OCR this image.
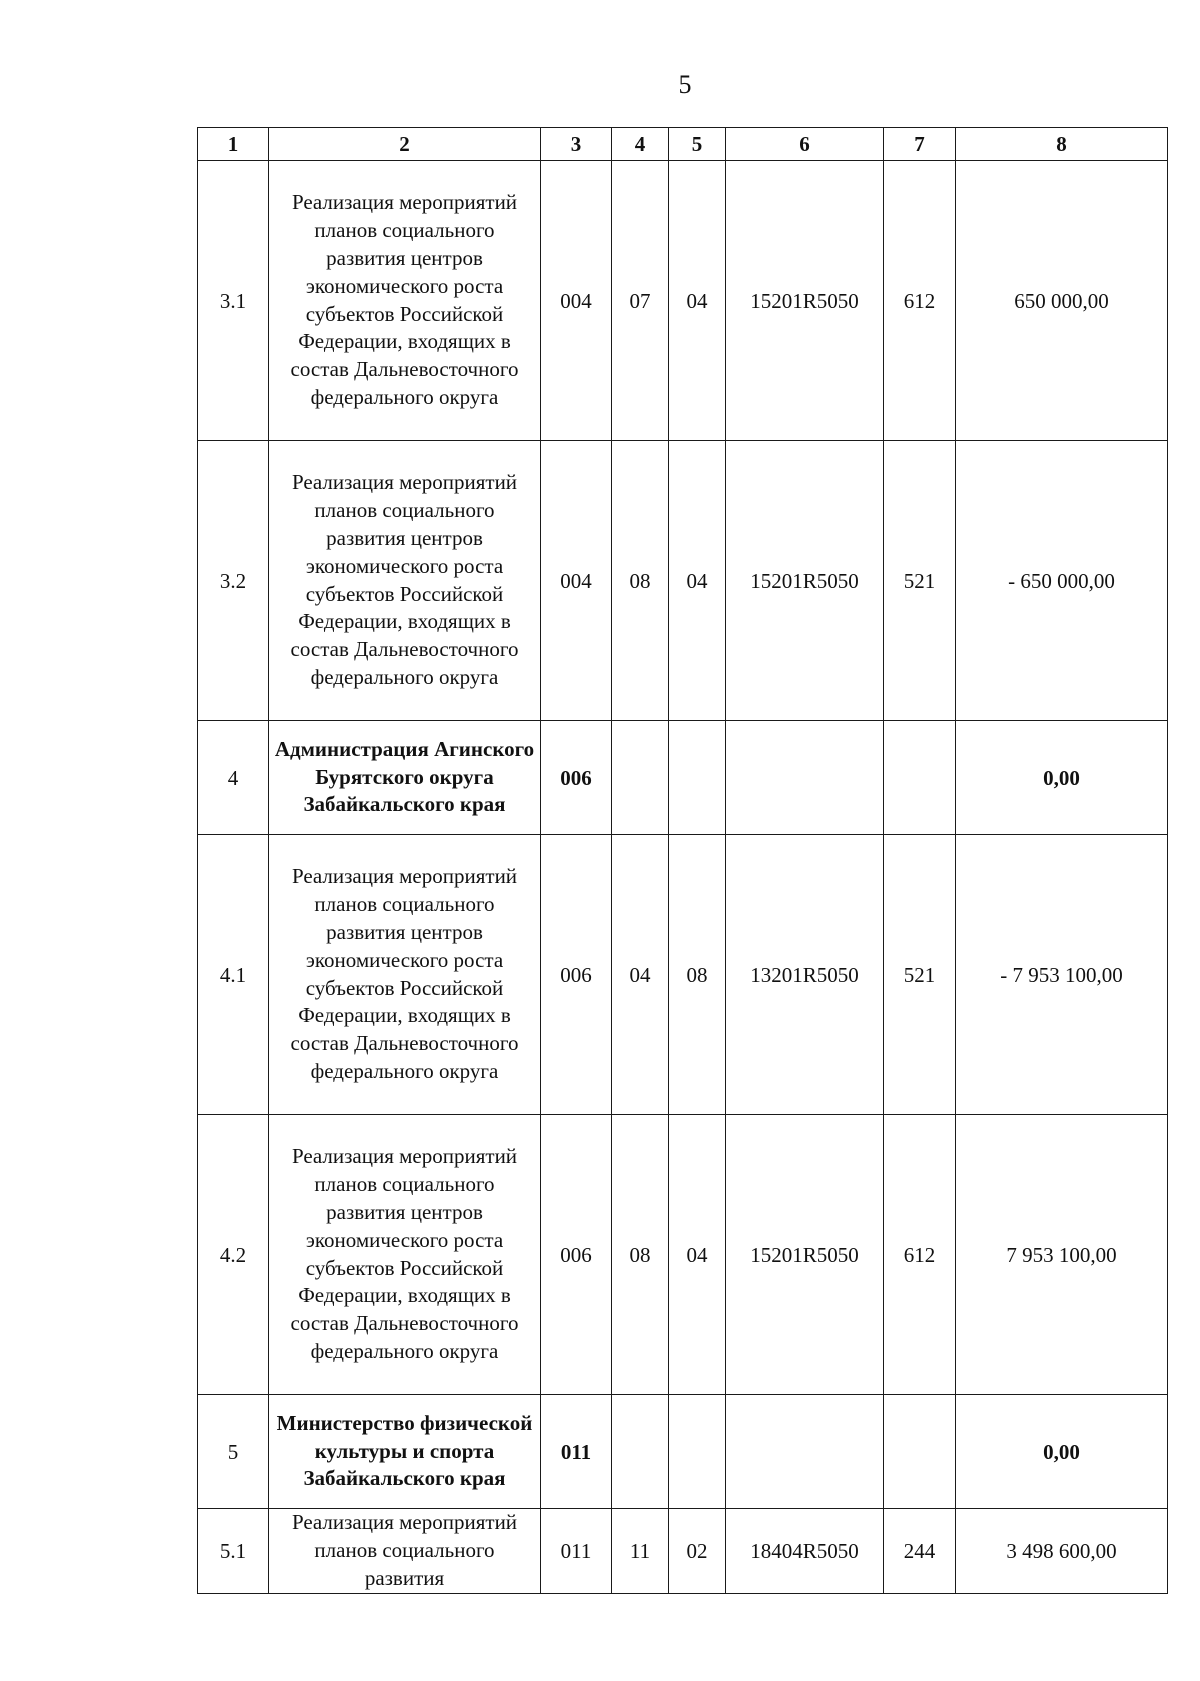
5
1	2	3	4	5	6	7	8
3.1	Реализация мероприятий планов социального развития центров экономического роста субъектов Российской Федерации, входящих в состав Дальневосточного федерального округа	004	07	04	15201R5050	612	650 000,00
3.2	Реализация мероприятий планов социального развития центров экономического роста субъектов Российской Федерации, входящих в состав Дальневосточного федерального округа	004	08	04	15201R5050	521	- 650 000,00
4	Администрация Агинского Бурятского округа Забайкальского края	006					0,00
4.1	Реализация мероприятий планов социального развития центров экономического роста субъектов Российской Федерации, входящих в состав Дальневосточного федерального округа	006	04	08	13201R5050	521	- 7 953 100,00
4.2	Реализация мероприятий планов социального развития центров экономического роста субъектов Российской Федерации, входящих в состав Дальневосточного федерального округа	006	08	04	15201R5050	612	7 953 100,00
5	Министерство физической культуры и спорта Забайкальского края	011					0,00
5.1	Реализация мероприятий планов социального развития	011	11	02	18404R5050	244	3 498 600,00
